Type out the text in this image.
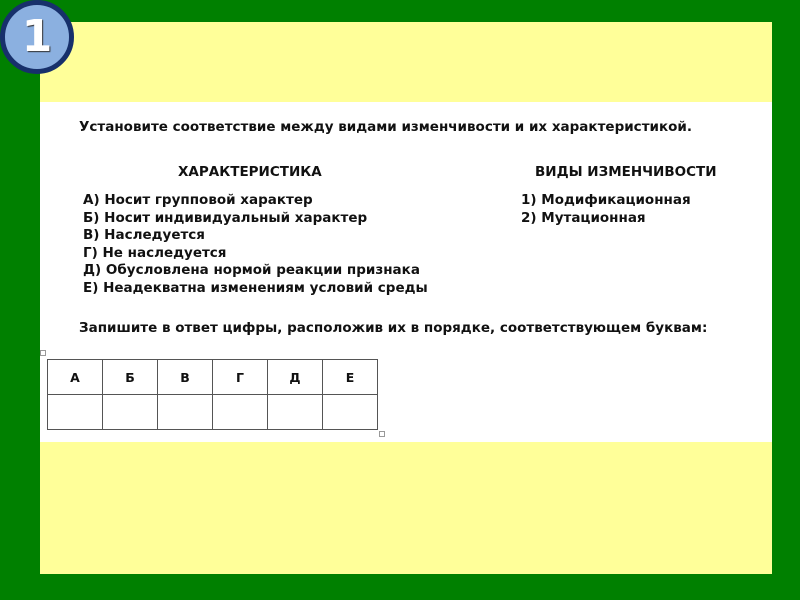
1
Установите соответствие между видами изменчивости и их характеристикой.
ХАРАКТЕРИСТИКА	ВИДЫ ИЗМЕНЧИВОСТИ
А) Носит групповой характер
Б) Носит индивидуальный характер
В) Наследуется
Г) Не наследуется
Д) Обусловлена нормой реакции признака
Е) Неадекватна изменениям условий среды
1) Модификационная
2) Мутационная
Запишите в ответ цифры, расположив их в порядке, соответствующем буквам:
А	Б	В	Г	Д	Е
